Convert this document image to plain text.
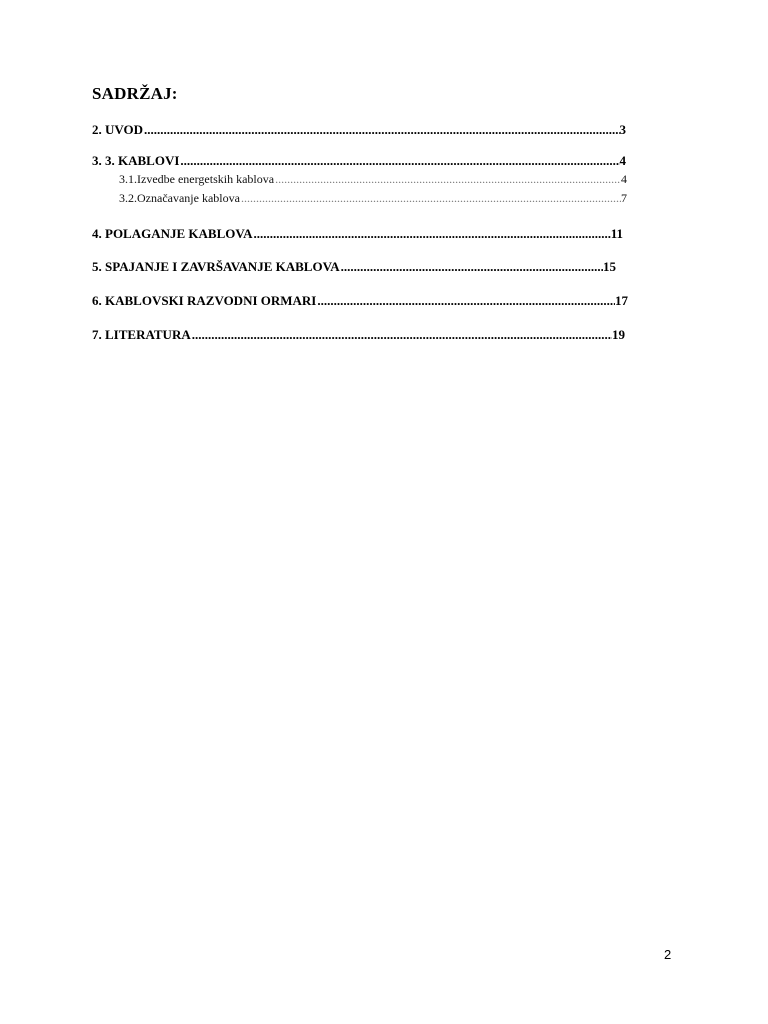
SADRŽAJ:
2. UVOD .....	3
3. 3. KABLOVI .....	4
3.1. Izvedbe energetskih kablova .....	4
3.2. Označavanje kablova .....	7
4. POLAGANJE KABLOVA .....	11
5. SPAJANJE I ZAVRŠAVANJE KABLOVA .....	15
6. KABLOVSKI RAZVODNI ORMARI .....	17
7. LITERATURA .....	19
2
